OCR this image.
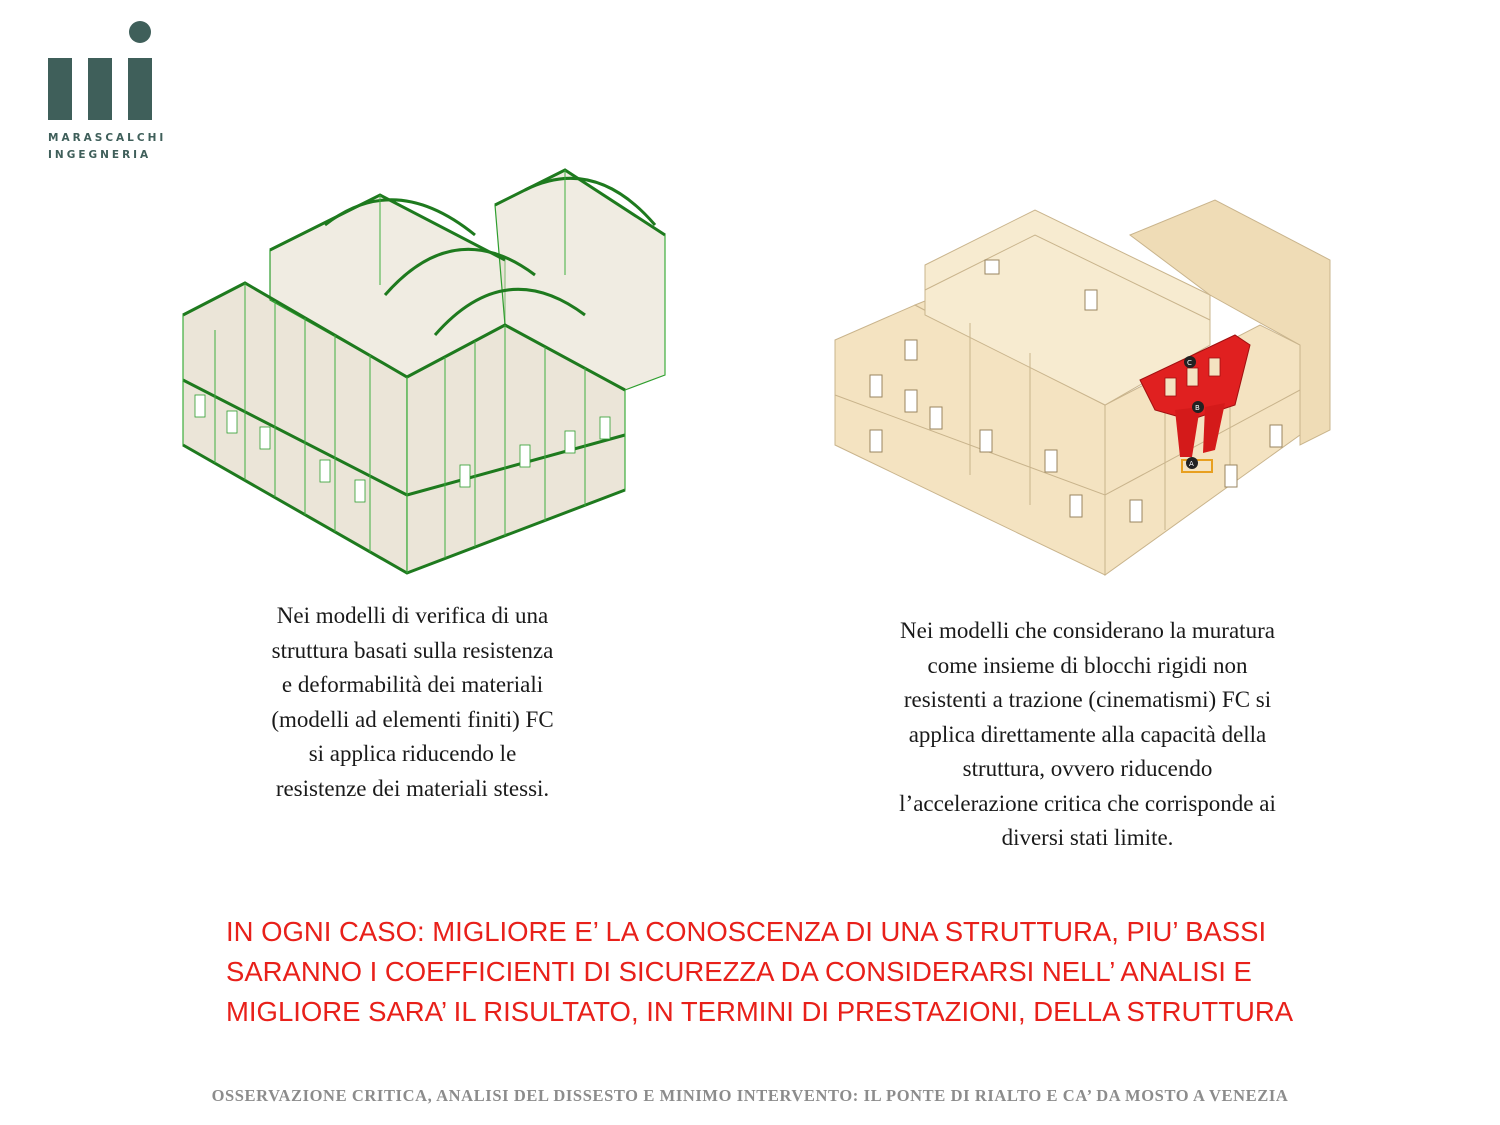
MARASCALCHI
INGEGNERIA
C
B
A
Nei modelli di verifica di una
struttura basati sulla resistenza
e deformabilità dei materiali
(modelli ad elementi finiti) FC
si applica riducendo le
resistenze dei materiali stessi.
Nei modelli che considerano la muratura
come insieme di blocchi rigidi non
resistenti a trazione (cinematismi) FC si
applica direttamente alla capacità della
struttura, ovvero riducendo
l’accelerazione critica che corrisponde ai
diversi stati limite.
IN OGNI CASO: MIGLIORE E’ LA CONOSCENZA DI UNA STRUTTURA, PIU’ BASSI
SARANNO I COEFFICIENTI DI SICUREZZA DA CONSIDERARSI NELL’ ANALISI E
MIGLIORE SARA’ IL RISULTATO, IN TERMINI DI PRESTAZIONI, DELLA STRUTTURA
OSSERVAZIONE CRITICA, ANALISI DEL DISSESTO E MINIMO INTERVENTO: IL PONTE DI RIALTO E CA’ DA MOSTO A VENEZIA
